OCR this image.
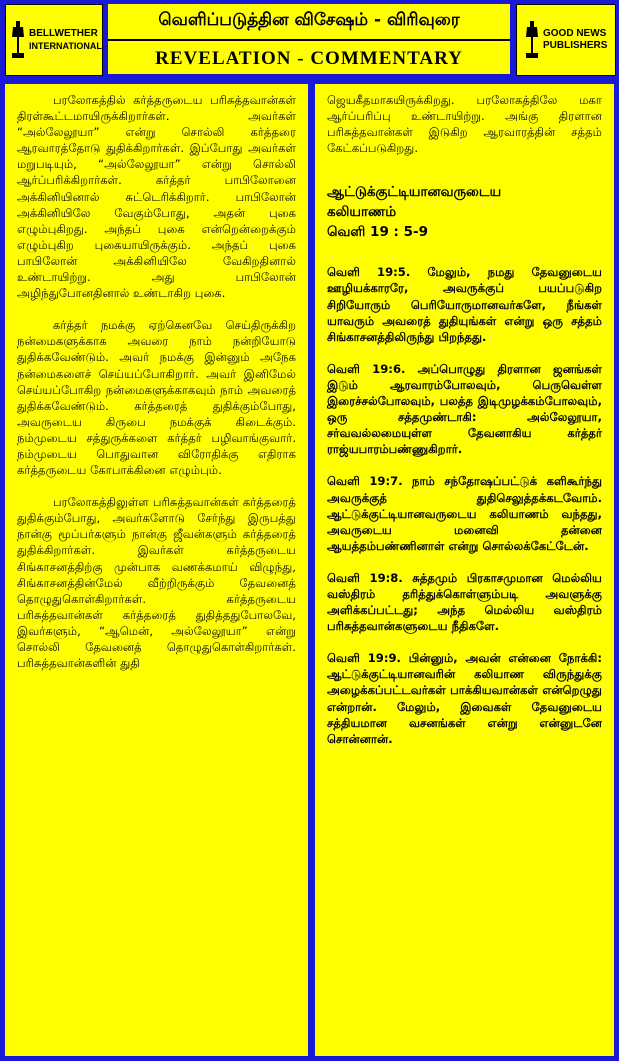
BELLWETHER
INTERNATIONAL
வெளிப்படுத்தின விசேஷம் - விரிவுரை
REVELATION - COMMENTARY
GOOD NEWS
PUBLISHERS

பரலோகத்தில் கர்த்தருடைய பரிசுத்தவான்கள் திரள்கூட்டமாயிருக்கிறார்கள். அவர்கள் “அல்லேலூயா” என்று சொல்லி கர்த்தரை ஆரவாரத்தோடு துதிக்கிறார்கள். இப்போது அவர்கள் மறுபடியும், “அல்லேலூயா” என்று சொல்லி ஆர்ப்பரிக்கிறார்கள். கர்த்தர் பாபிலோனை அக்கினியினால் சுட்டெரிக்கிறார். பாபிலோன் அக்கினியிலே வேகும்போது, அதன் புகை எழும்புகிறது. அந்தப் புகை என்றென்றைக்கும் எழும்புகிற புகையாயிருக்கும். அந்தப் புகை பாபிலோன் அக்கினியிலே வேகிறதினால் உண்டாயிற்று. அது பாபிலோன் அழிந்துபோனதினால் உண்டாகிற புகை.

கர்த்தர் நமக்கு ஏற்கெனவே செய்திருக்கிற நன்மைகளுக்காக அவரை நாம் நன்றியோடு துதிக்கவேண்டும். அவர் நமக்கு இன்னும் அநேக நன்மைகளைச் செய்யப்போகிறார். அவர் இனிமேல் செய்யப்போகிற நன்மைகளுக்காகவும் நாம் அவரைத் துதிக்கவேண்டும். கர்த்தரைத் துதிக்கும்போது, அவருடைய கிருபை நமக்குக் கிடைக்கும். நம்முடைய சத்துருக்களை கர்த்தர் பழிவாங்குவார். நம்முடைய பொதுவான விரோதிக்கு எதிராக கர்த்தருடைய கோபாக்கினை எழும்பும்.

பரலோகத்திலுள்ள பரிசுத்தவான்கள் கர்த்தரைத் துதிக்கும்போது, அவர்களோடு சேர்ந்து இருபத்து நான்கு மூப்பர்களும் நான்கு ஜீவன்களும் கர்த்தரைத் துதிக்கிறார்கள். இவர்கள் கர்த்தருடைய சிங்காசனத்திற்கு முன்பாக வணக்கமாய் விழுந்து, சிங்காசனத்தின்மேல் வீற்றிருக்கும் தேவனைத் தொழுதுகொள்கிறார்கள். கர்த்தருடைய பரிசுத்தவான்கள் கர்த்தரைத் துதித்ததுபோலவே, இவர்களும், “ஆமென், அல்லேலூயா” என்று சொல்லி தேவனைத் தொழுதுகொள்கிறார்கள். பரிசுத்தவான்களின் துதி

ஜெயகீதமாகயிருக்கிறது. பரலோகத்திலே மகா ஆர்ப்பரிப்பு உண்டாயிற்று. அங்கு திரளான பரிசுத்தவான்கள் இடுகிற ஆரவாரத்தின் சத்தம் கேட்கப்படுகிறது.

ஆட்டுக்குட்டியானவருடைய
கலியாணம்
வெளி 19 : 5-9

வெளி 19:5. மேலும், நமது தேவனுடைய ஊழியக்காரரே, அவருக்குப் பயப்படுகிற சிறியோரும் பெரியோருமானவர்களே, நீங்கள் யாவரும் அவரைத் துதியுங்கள் என்று ஒரு சத்தம் சிங்காசனத்திலிருந்து பிறந்தது.

வெளி 19:6. அப்பொழுது திரளான ஜனங்கள் இடும் ஆரவாரம்போலவும், பெருவெள்ள இரைச்சல்போலவும், பலத்த இடிமுழக்கம்போலவும், ஒரு சத்தமுண்டாகி: அல்லேலூயா, சர்வவல்லமையுள்ள தேவனாகிய கர்த்தர் ராஜ்யபாரம்பண்ணுகிறார்.

வெளி 19:7. நாம் சந்தோஷப்பட்டுக் களிகூர்ந்து அவருக்குத் துதிசெலுத்தக்கடவோம். ஆட்டுக்குட்டியானவருடைய கலியாணம் வந்தது, அவருடைய மனைவி தன்னை ஆயத்தம்பண்ணினாள் என்று சொல்லக்கேட்டேன்.

வெளி 19:8. சுத்தமும் பிரகாசமுமான மெல்லிய வஸ்திரம் தரித்துக்கொள்ளும்படி அவளுக்கு அளிக்கப்பட்டது; அந்த மெல்லிய வஸ்திரம் பரிசுத்தவான்களுடைய நீதிகளே.

வெளி 19:9. பின்னும், அவன் என்னை நோக்கி: ஆட்டுக்குட்டியானவரின் கலியாண விருந்துக்கு அழைக்கப்பட்டவர்கள் பாக்கியவான்கள் என்றெழுது என்றான். மேலும், இவைகள் தேவனுடைய சத்தியமான வசனங்கள் என்று என்னுடனே சொன்னான்.
